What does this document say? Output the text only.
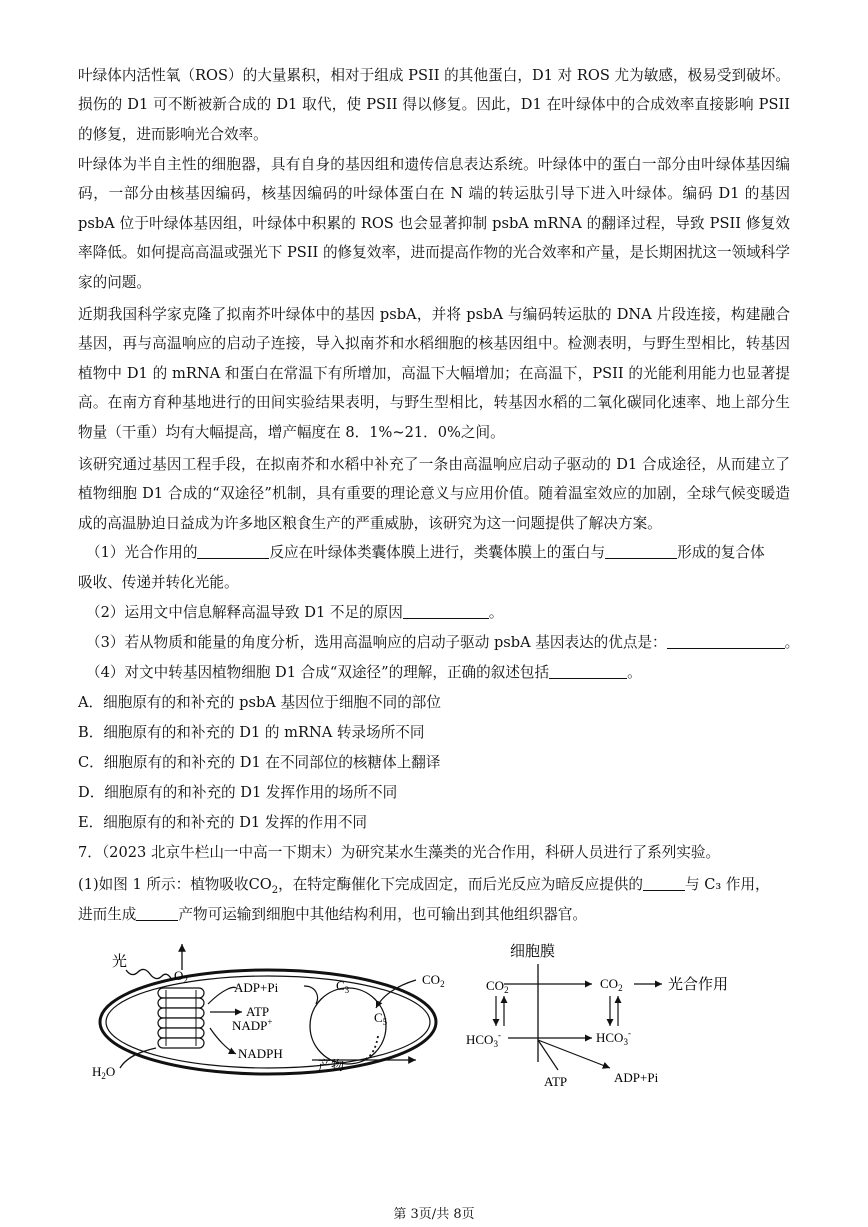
叶绿体内活性氧（ROS）的大量累积，相对于组成 PSII 的其他蛋白，D1 对 ROS 尤为敏感，极易受到破坏。损伤的 D1 可不断被新合成的 D1 取代，使 PSII 得以修复。因此，D1 在叶绿体中的合成效率直接影响 PSII 的修复，进而影响光合效率。
叶绿体为半自主性的细胞器，具有自身的基因组和遗传信息表达系统。叶绿体中的蛋白一部分由叶绿体基因编码，一部分由核基因编码，核基因编码的叶绿体蛋白在 N 端的转运肽引导下进入叶绿体。编码 D1 的基因 psbA 位于叶绿体基因组，叶绿体中积累的 ROS 也会显著抑制 psbA mRNA 的翻译过程，导致 PSII 修复效率降低。如何提高高温或强光下 PSII 的修复效率，进而提高作物的光合效率和产量，是长期困扰这一领域科学家的问题。
近期我国科学家克隆了拟南芥叶绿体中的基因 psbA，并将 psbA 与编码转运肽的 DNA 片段连接，构建融合基因，再与高温响应的启动子连接，导入拟南芥和水稻细胞的核基因组中。检测表明，与野生型相比，转基因植物中 D1 的 mRNA 和蛋白在常温下有所增加，高温下大幅增加；在高温下，PSII 的光能利用能力也显著提高。在南方育种基地进行的田间实验结果表明，与野生型相比，转基因水稻的二氧化碳同化速率、地上部分生物量（干重）均有大幅提高，增产幅度在 8．1%~21．0%之间。
该研究通过基因工程手段，在拟南芥和水稻中补充了一条由高温响应启动子驱动的 D1 合成途径，从而建立了植物细胞 D1 合成的“双途径”机制，具有重要的理论意义与应用价值。随着温室效应的加剧，全球气候变暖造成的高温胁迫日益成为许多地区粮食生产的严重威胁，该研究为这一问题提供了解决方案。
（1）光合作用的	反应在叶绿体类囊体膜上进行，类囊体膜上的蛋白与	形成的复合体
吸收、传递并转化光能。
（2）运用文中信息解释高温导致 D1 不足的原因	。
（3）若从物质和能量的角度分析，选用高温响应的启动子驱动 psbA 基因表达的优点是：	。
（4）对文中转基因植物细胞 D1 合成“双途径”的理解，正确的叙述包括	。
A．细胞原有的和补充的 psbA 基因位于细胞不同的部位
B．细胞原有的和补充的 D1 的 mRNA 转录场所不同
C．细胞原有的和补充的 D1 在不同部位的核糖体上翻译
D．细胞原有的和补充的 D1 发挥作用的场所不同
E．细胞原有的和补充的 D1 发挥的作用不同
7．（2023 北京牛栏山一中高一下期末）为研究某水生藻类的光合作用，科研人员进行了系列实验。
(1)如图 1 所示：植物吸收$CO_2$，在特定酶催化下完成固定，而后光反应为暗反应提供的	与 C₃ 作用，
进而生成	产物可运输到细胞中其他结构利用，也可输出到其他组织器官。
光
$O_2$
$H_2O$
ADP+Pi
ATP
NADP+
NADPH
$C_3$
$C_5$
$CO_2$
产物
细胞膜
$CO_2$	$CO_2$	光合作用
$HCO_3^-$	$HCO_3^-$
ATP	ADP+Pi
第 3页/共 8页
